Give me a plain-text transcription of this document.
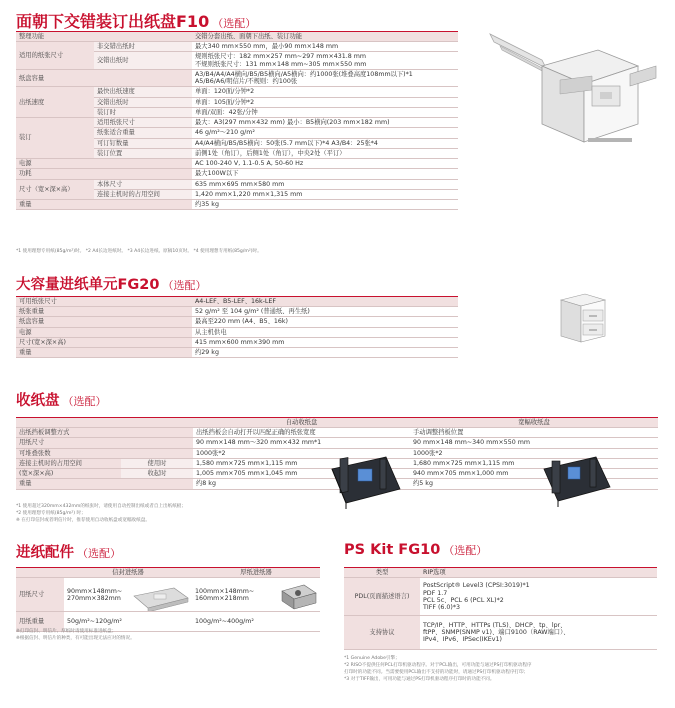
面朝下交错装订出纸盘F10 （选配）
整理功能		交错分套出纸、面朝下出纸、装订功能
适用的纸张尺寸	非交错出纸时	最大340 mm×550 mm，最小90 mm×148 mm
	交错出纸时	规则纸张尺寸：182 mm×257 mm~297 mm×431.8 mm
不规则纸张尺寸：131 mm×148 mm~305 mm×550 mm
纸盘容量		A3/B4/A4/A4横向/B5/B5横向/A5横向：约1000张(堆叠高度108mm以下)*1
A5/B6/A6/明信片/不规则：约100张
出纸速度	最快出纸速度	单面：120面/分钟*2
	交错出纸时	单面：105面/分钟*2
	装订时	单面/双面：42张/分钟
装订	适用纸张尺寸	最大：A3(297 mm×432 mm) 最小：B5横向(203 mm×182 mm)
	纸张适合重量	46 g/m²～210 g/m²
	可订钉数量	A4/A4横向/B5/B5横向：50张(5.7 mm以下)*4 A3/B4：25张*4
	装订位置	前侧1处（角订），后侧1处（角订），中央2处（平订）
电源		AC 100-240 V, 1.1-0.5 A, 50-60 Hz
功耗		最大100W以下
尺寸（宽×深×高）	本体尺寸	635 mm×695 mm×580 mm
	连接主机时的占用空间	1,420 mm×1,220 mm×1,315 mm
重量		约35 kg
*1 使用理想专用纸(85g/m²)时。 *2 A4长边进纸时。 *3 A4长边进纸、原稿10页时。 *4 使用理想专用纸(85g/m²)时。
大容量进纸单元FG20 （选配）
可用纸张尺寸	A4-LEF、B5-LEF、16k-LEF
纸张重量	52 g/m² 至 104 g/m² (普通纸、再生纸)
纸盘容量	最高至220 mm (A4、B5、16k)
电源	从主机供电
尺寸(宽×深×高)	415 mm×600 mm×390 mm
重量	约29 kg
收纸盘 （选配）
		自动收纸盘	宽幅收纸盘
出纸挡板调整方式		出纸挡板会自动打开以匹配正确的纸张宽度	手动调整挡板位置
用纸尺寸		90 mm×148 mm～320 mm×432 mm*1	90 mm×148 mm~340 mm×550 mm
可堆叠张数		1000张*2	1000张*2
连接主机时的占用空间	使用时	1,580 mm×725 mm×1,115 mm	1,680 mm×725 mm×1,115 mm
(宽×深×高)	收起时	1,005 mm×705 mm×1,045 mm	940 mm×705 mm×1,000 mm
重量		约8 kg	约5 kg
*1 使用超过320mm×432mm的纸张时，请使用自动控制出纸或者自上出纸纸板；
*2 使用理想专用纸(85g/m²) 时；
※ 在打印信封或者明信片时，推荐使用自动收纸盘或宽幅收纸盘。
进纸配件 （选配）
	信封进纸器	厚纸进纸器
用纸尺寸	90mm×148mm~
270mm×382mm	100mm×148mm~
160mm×218mm

用纸重量	50g/m²~120g/m²	100g/m²~400g/m²
※打印信封、明信片、厚纸时请使用标准进纸盘；
※根据信封、明信片的种类，有可能出现无法应对的情况。
PS Kit FG10 （选配）
类型	RIP选项
PDL(页面描述语言)	PostScript® Level3 (CPSI:3019)*1
PDF 1.7
PCL 5c、PCL 6 (PCL XL)*2
TIFF (6.0)*3

支持协议	TCP/IP、HTTP、HTTPs (TLS)、DHCP、tp、lpr、
ftPP、SNMP(SNMP v1)、端口9100（RAW端口）、
IPv4、IPv6、IPSec(IKEv1)
*1 Genuine Adobe引擎；
*2 RISO不提供任何PCL打印机驱动程序。对于PCL输出，可用功能与通过PS打印机驱动程序
打印时的功能不同。当需要使用PCL输出不支持的功能时，请通过PS打印机驱动程序打印；
*3 对于TIFF输出，可用功能与通过PS打印机驱动程序打印时的功能不同。
